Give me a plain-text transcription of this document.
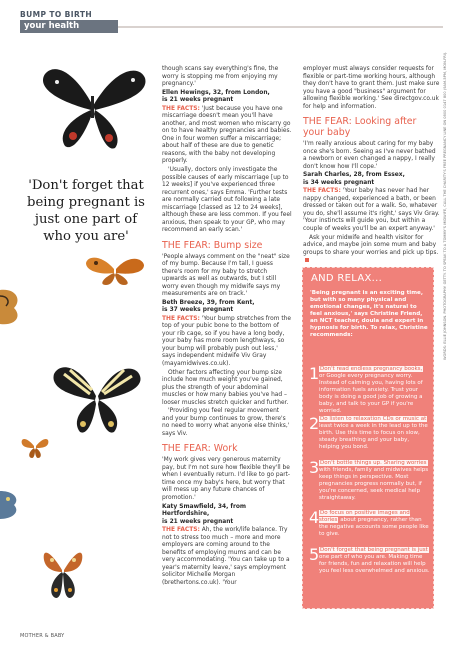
BUMP TO BIRTH
your health
'Don't forget that being pregnant is just one part of who you are'

though scans say everything's fine, the worry is stopping me from enjoying my pregnancy.'

Ellen Hewings, 32, from London,
is 21 weeks pregnant

THE FACTS: 'Just because you have one miscarriage doesn't mean you'll have another, and most women who miscarry go on to have healthy pregnancies and babies. One in four women suffer a miscarriage; about half of these are due to genetic reasons, with the baby not developing properly.

'Usually, doctors only investigate the possible causes of early miscarriage [up to 12 weeks] if you've experienced three recurrent ones,' says Emma. 'Further tests are normally carried out following a late miscarriage [classed as 12 to 24 weeks], although these are less common. If you feel anxious, then speak to your GP, who may recommend an early scan.'

THE FEAR: Bump size

'People always comment on the "neat" size of my bump. Because I'm tall, I guess there's room for my baby to stretch upwards as well as outwards, but I still worry even though my midwife says my measurements are on track.'

Beth Breeze, 39, from Kent,
is 37 weeks pregnant

THE FACTS: 'Your bump stretches from the top of your pubic bone to the bottom of your rib cage, so if you have a long body, your baby has more room lengthways, so your bump will probably push out less,' says independent midwife Viv Gray (mayamidwives.co.uk).

Other factors affecting your bump size include how much weight you've gained, plus the strength of your abdominal muscles or how many babies you've had – looser muscles stretch quicker and further.

'Providing you feel regular movement and your bump continues to grow, there's no need to worry what anyone else thinks,' says Viv.

THE FEAR: Work

'My work gives very generous maternity pay, but I'm not sure how flexible they'll be when I eventually return. I'd like to go part-time once my baby's here, but worry that will mess up any future chances of promotion.'

Katy Smawfield, 34, from Hertfordshire,
is 21 weeks pregnant

THE FACTS: Ah, the work/life balance. Try not to stress too much – more and more employers are coming around to the benefits of employing mums and can be very accommodating. 'You can take up to a year's maternity leave,' says employment solicitor Michelle Morgan (brethertons.co.uk). 'Your

employer must always consider requests for flexible or part-time working hours, although they don't have to grant them. Just make sure you have a good "business" argument for allowing flexible working.' See directgov.co.uk for help and information.

THE FEAR: Looking after your baby

'I'm really anxious about caring for my baby once she's born. Seeing as I've never bathed a newborn or even changed a nappy, I really don't know how I'll cope.'

Sarah Charles, 28, from Essex,
is 34 weeks pregnant

THE FACTS: 'Your baby has never had her nappy changed, experienced a bath, or been dressed or taken out for a walk. So, whatever you do, she'll assume it's right,' says Viv Gray. 'Your instincts will guide you, but within a couple of weeks you'll be an expert anyway.'

Ask your midwife and health visitor for advice, and maybe join some mum and baby groups to share your worries and pick up tips.

AND RELAX...
'Being pregnant is an exciting time, but with so many physical and emotional changes, it's natural to feel anxious,' says Christine Friend, an NCT teacher, doula and expert in hypnosis for birth. To relax, Christine recommends:
1 Don't read endless pregnancy books, or Google every pregnancy worry. Instead of calming you, having lots of information fuels anxiety. Trust your body is doing a good job of growing a baby, and talk to your GP if you're worried.
2 Do listen to relaxation CDs or music at least twice a week in the lead up to the birth. Use this time to focus on slow, steady breathing and your baby, helping you bond.
3 Don't bottle things up. Sharing worries with friends, family and midwives helps keep things in perspective. Most pregnancies progress normally but, if you're concerned, seek medical help straightaway.
4 Do focus on positive images and stories about pregnancy, rather than the negative accounts some people like to give.
5 Don't forget that being pregnant is just one part of who you are. Making time for friends, fun and relaxation will help you feel less overwhelmed and anxious.
MOTHER & BABY
WORDS: ELLIE JOHNSON. PHOTOGRAPHY: GETTY. TO SPEAK TO A TOMMY'S MIDWIFE, CALL THE CHARITY'S FREE PREGNANCY LINE ON 0800 0147 800 (9AM-5PM, MON-FRI).
